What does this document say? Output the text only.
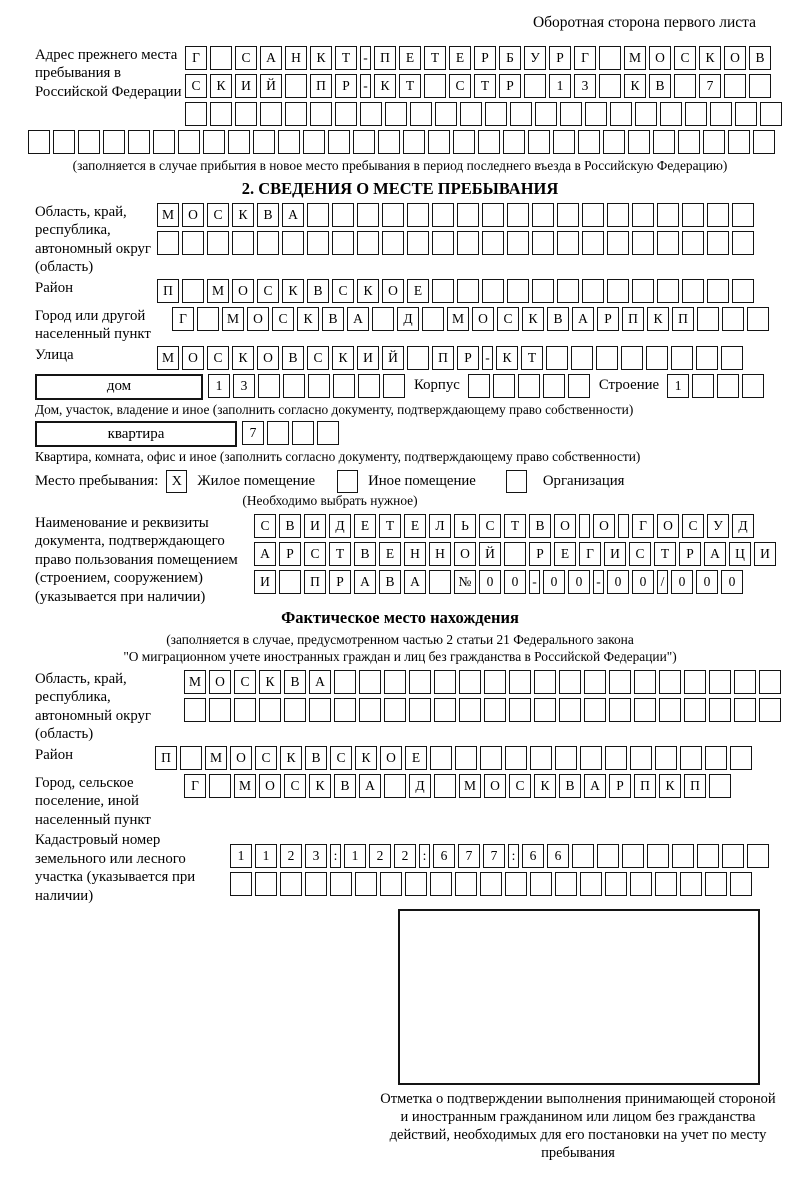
Оборотная сторона первого листа
Адрес прежнего места пребывания в Российской Федерации
Г	С	А	Н	К	Т - П	Е	Т	Е	Р	Б	У	Р	Г	М	О	С	К	О	В
С	К	И	Й	П	Р	- К	Т	С	Т	Р	1	3	К	В	7
(заполняется в случае прибытия в новое место пребывания в период последнего въезда в Российскую Федерацию)
2. СВЕДЕНИЯ О МЕСТЕ ПРЕБЫВАНИЯ
Область, край, республика, автономный округ (область)
М	О	С	К	В	А
Район	П	М	О	С	К	В	С	К	О	Е
Город или другой населенный пункт
Г	М	О	С	К	В	А	Д	М	О	С	К	В	А	Р	П	К	П
Улица	М	О	С	К	О	В	С	К	И	Й	П	Р	- К	Т
дом	1	3	Корпус	Строение	1
Дом, участок, владение и иное (заполнить согласно документу, подтверждающему право собственности)
квартира	7
Квартира, комната, офис и иное (заполнить согласно документу, подтверждающему право собственности)
Место пребывания: X	Жилое помещение	Иное помещение	Организация
(Необходимо выбрать нужное)
Наименование и реквизиты документа, подтверждающего право пользования помещением (строением, сооружением) (указывается при наличии)
С	В	И	Д	Е	Т	Е	Л	Ь	С	Т	В	О	О	Г	О	С	У	Д
А	Р	С	Т	В	Е	Н	Н	О	Й	Р	Е	Г	И	С	Т	Р	А	Ц	И
И	П	Р	А	В	А	№	0	0	-	0	0	-	0	0	/	0	0	0
Фактическое место нахождения
(заполняется в случае, предусмотренном частью 2 статьи 21 Федерального закона
"О миграционном учете иностранных граждан и лиц без гражданства в Российской Федерации")
Область, край, республика, автономный округ (область)
М	О	С	К	В	А
Район	П	М	О	С	К	В	С	К	О	Е
Город, сельское поселение, иной населенный пункт
Г	М	О	С	К	В	А	Д	М	О	С	К	В	А	Р	П	К	П
Кадастровый номер земельного или лесного участка (указывается при наличии)
1	1	2	3	:	1	2	2	:	6	7	7	:	6	6
Отметка о подтверждении выполнения принимающей стороной и иностранным гражданином или лицом без гражданства действий, необходимых для его постановки на учет по месту пребывания
